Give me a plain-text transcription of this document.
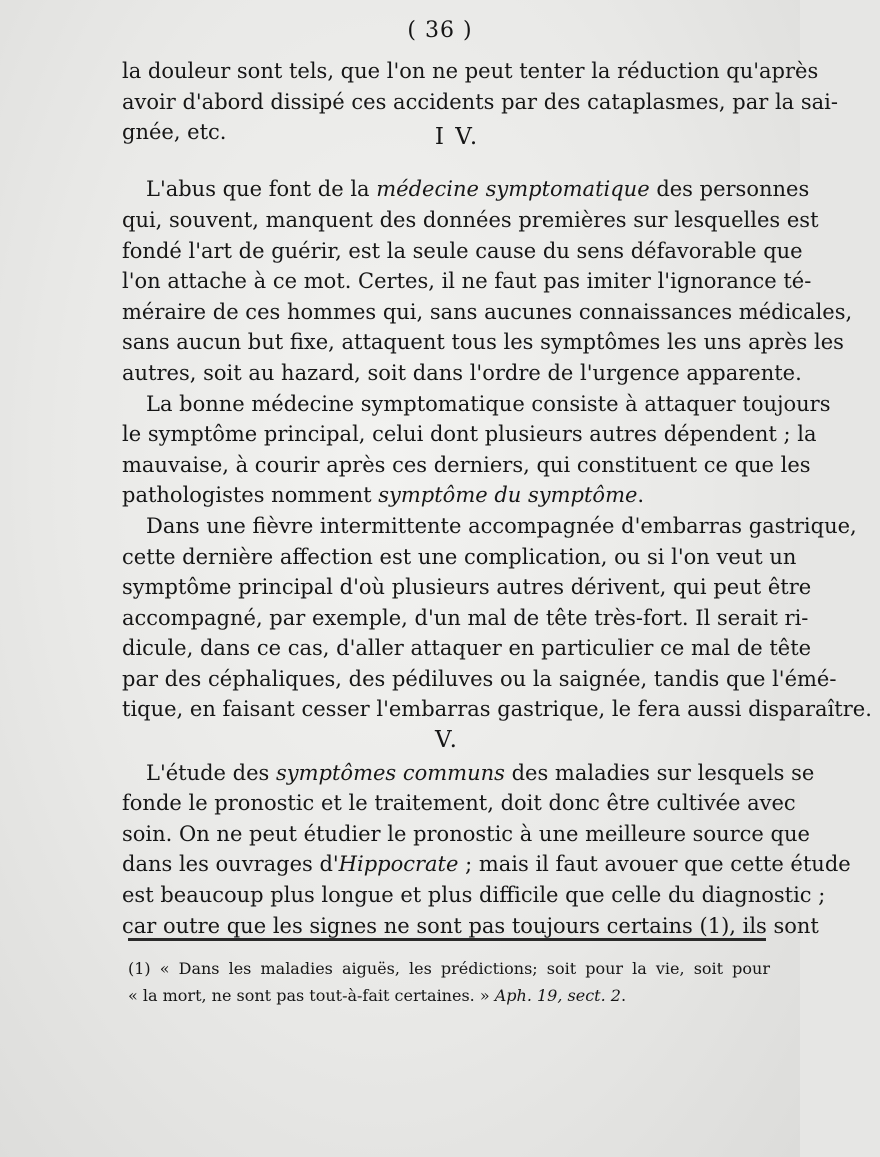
( 36 )
la douleur sont tels, que l'on ne peut tenter la réduction qu'après
avoir d'abord dissipé ces accidents par des cataplasmes, par la sai-
gnée, etc.	I V.
L'abus que font de la médecine symptomatique des personnes
qui, souvent, manquent des données premières sur lesquelles est
fondé l'art de guérir, est la seule cause du sens défavorable que
l'on attache à ce mot. Certes, il ne faut pas imiter l'ignorance té-
méraire de ces hommes qui, sans aucunes connaissances médicales,
sans aucun but fixe, attaquent tous les symptômes les uns après les
autres, soit au hazard, soit dans l'ordre de l'urgence apparente.
La bonne médecine symptomatique consiste à attaquer toujours
le symptôme principal, celui dont plusieurs autres dépendent ; la
mauvaise, à courir après ces derniers, qui constituent ce que les
pathologistes nomment symptôme du symptôme.
Dans une fièvre intermittente accompagnée d'embarras gastrique,
cette dernière affection est une complication, ou si l'on veut un
symptôme principal d'où plusieurs autres dérivent, qui peut être
accompagné, par exemple, d'un mal de tête très-fort. Il serait ri-
dicule, dans ce cas, d'aller attaquer en particulier ce mal de tête
par des céphaliques, des pédiluves ou la saignée, tandis que l'émé-
tique, en faisant cesser l'embarras gastrique, le fera aussi disparaître.
V.
L'étude des symptômes communs des maladies sur lesquels se
fonde le pronostic et le traitement, doit donc être cultivée avec
soin. On ne peut étudier le pronostic à une meilleure source que
dans les ouvrages d'Hippocrate ; mais il faut avouer que cette étude
est beaucoup plus longue et plus difficile que celle du diagnostic ;
car outre que les signes ne sont pas toujours certains (1), ils sont
(1) « Dans les maladies aiguës, les prédictions; soit pour la vie, soit pour
« la mort, ne sont pas tout-à-fait certaines. » Aph. 19, sect. 2.
